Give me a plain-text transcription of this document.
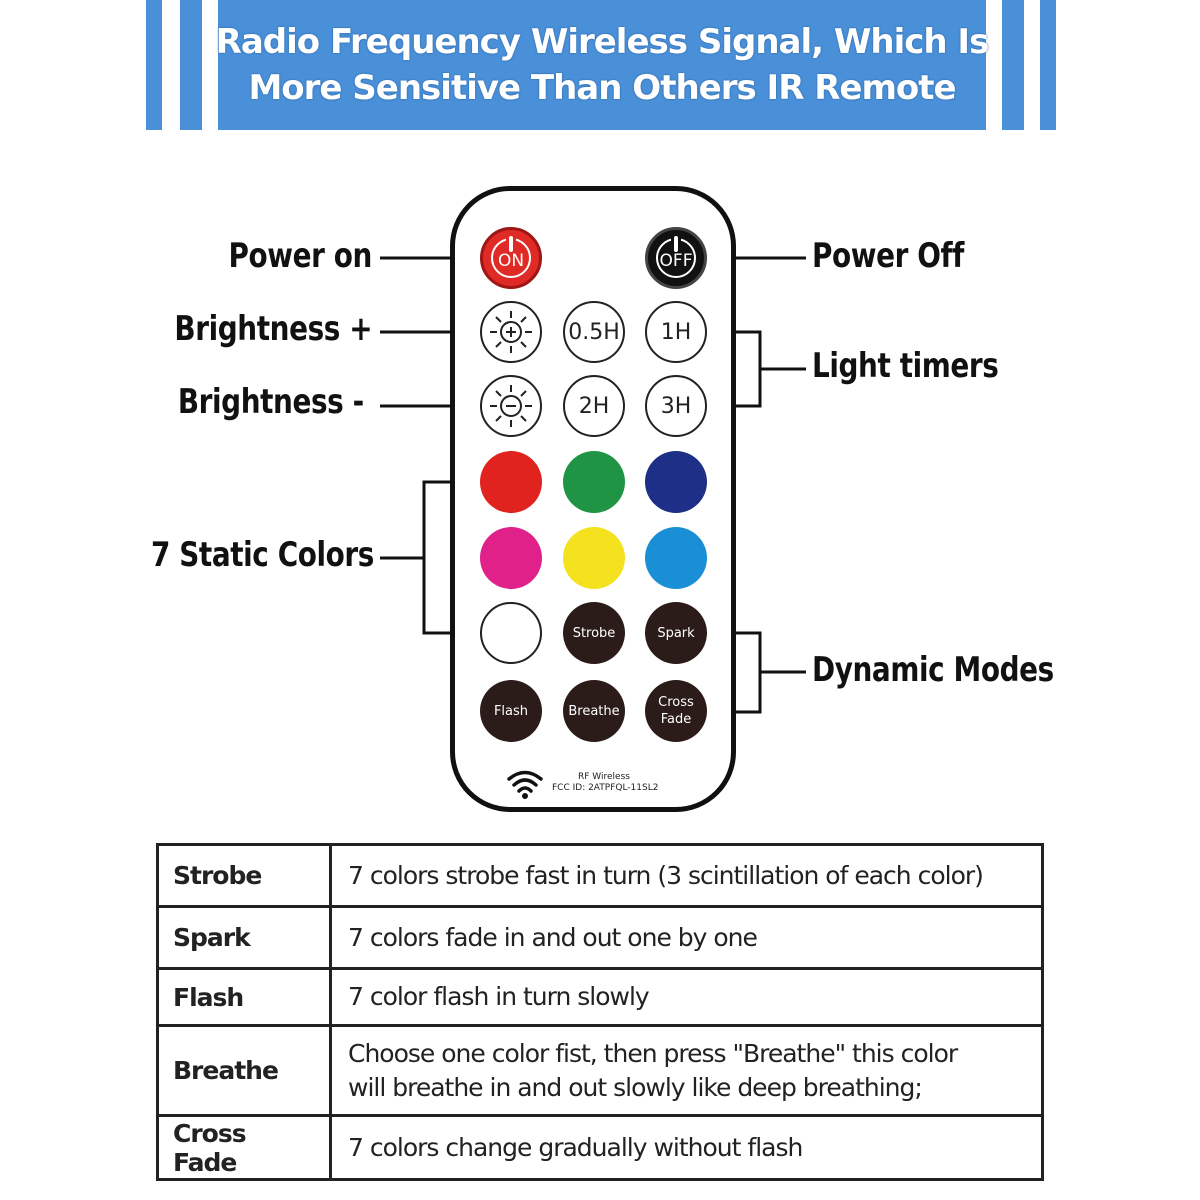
Radio Frequency Wireless Signal, Which Is
More Sensitive Than Others IR Remote
Power on	Power Off
Brightness +
Brightness -
Light timers
7 Static Colors
Dynamic Modes
ON	OFF
0.5H	1H
2H	3H
Strobe	Spark
Flash	Breathe
Cross
Fade
RF Wireless
FCC ID: 2ATPFQL-11SL2
Strobe	7 colors strobe fast in turn (3 scintillation of each color)
Spark	7 colors fade in and out one by one
Flash	7 color flash in turn slowly
Breathe	Choose one color fist, then press "Breathe" this color
will breathe in and out slowly like deep breathing;

Cross Fade	7 colors change gradually without flash
